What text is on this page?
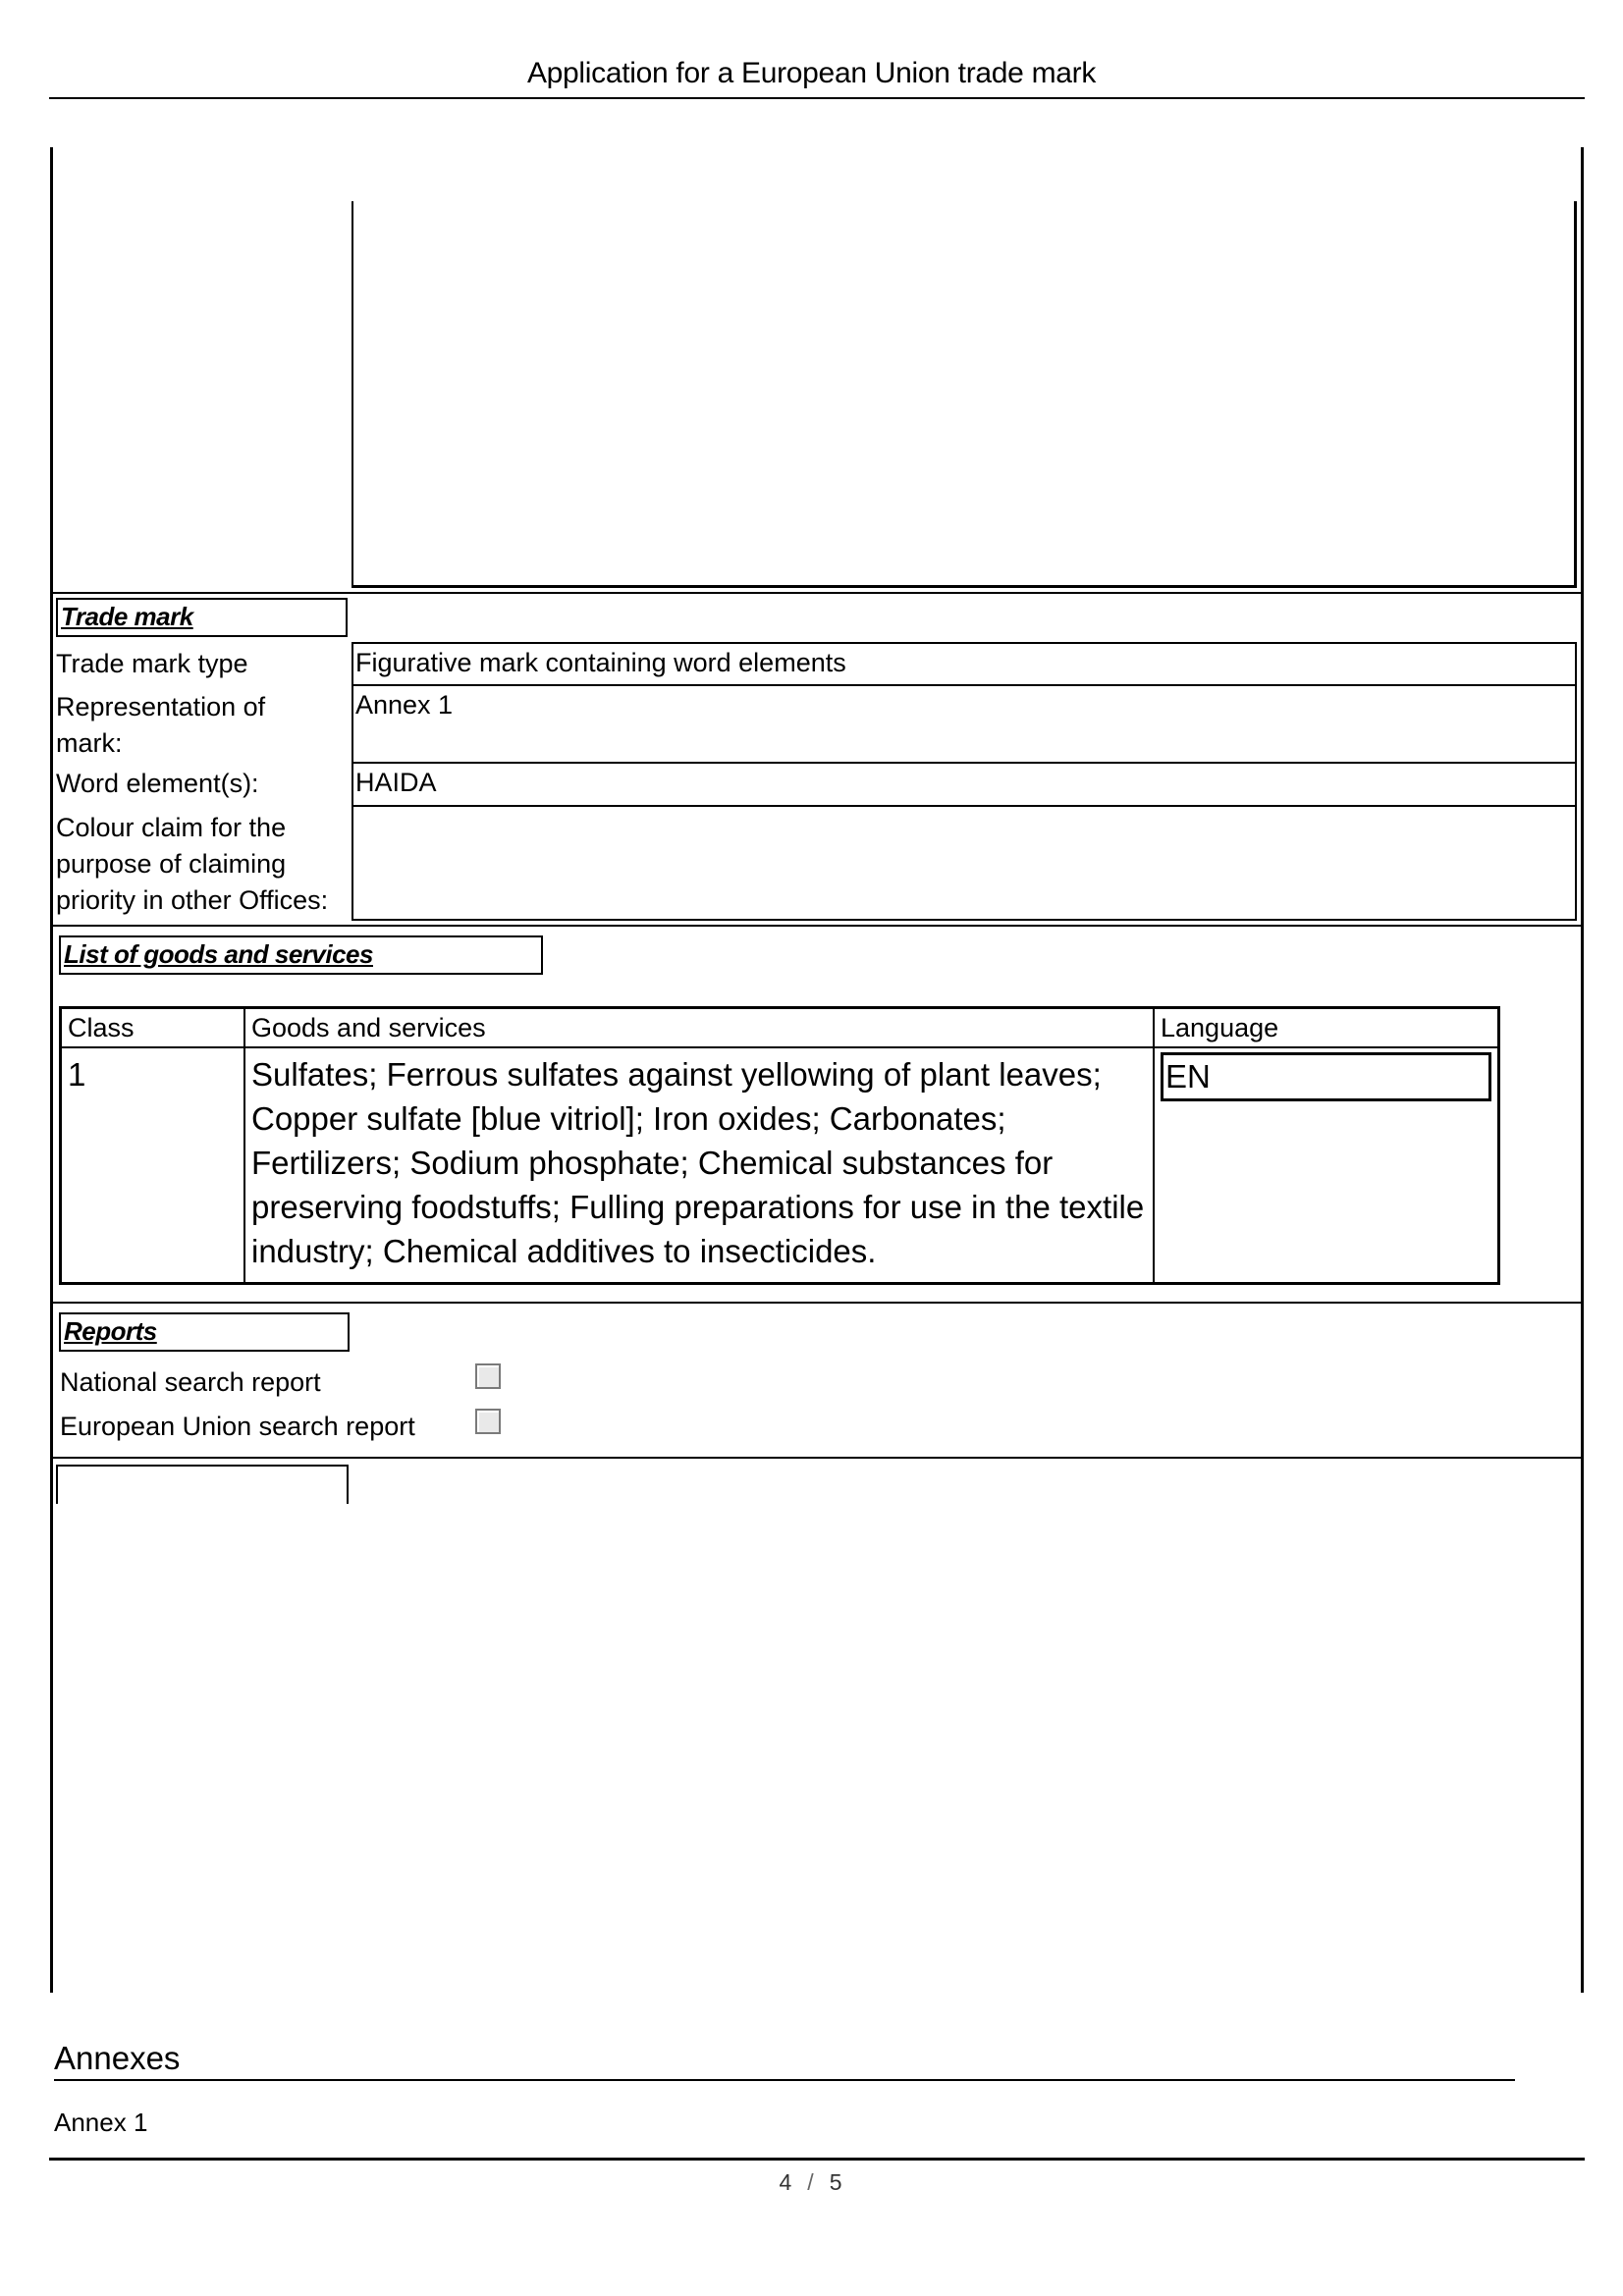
Application for a European Union trade mark
Trade mark
Trade mark type	Figurative mark containing word elements
Representation of mark:
Annex 1
Word element(s):	HAIDA
Colour claim for the purpose of claiming priority in other Offices:
List of goods and services
Class	Goods and services	Language
1	Sulfates; Ferrous sulfates against yellowing of plant leaves; Copper sulfate [blue vitriol]; Iron oxides; Carbonates; Fertilizers; Sodium phosphate; Chemical substances for preserving foodstuffs; Fulling preparations for use in the textile industry; Chemical additives to insecticides.	EN
Reports
National search report
European Union search report
Annexes
Annex 1
4 / 5
